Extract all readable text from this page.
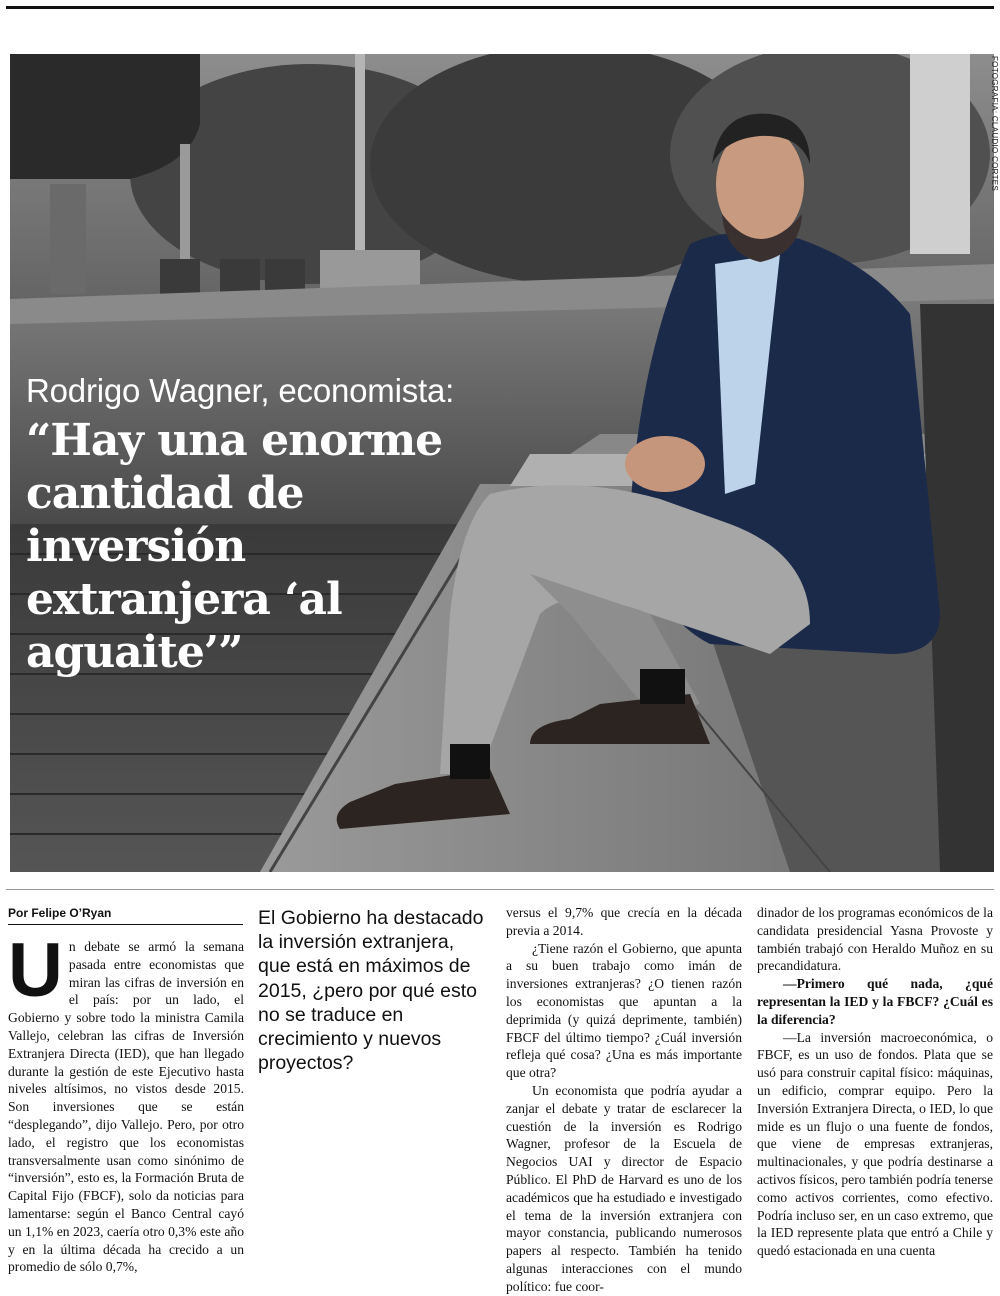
FOTOGRAFIA: CLAUDIO CORTES
Rodrigo Wagner, economista:
“Hay una enorme cantidad de inversión extranjera ‘al aguaite’”
Por Felipe O’Ryan
U n debate se armó la semana pasada entre economistas que miran las cifras de inversión en el país: por un lado, el Gobierno y sobre todo la ministra Camila Vallejo, celebran las cifras de Inversión Extranjera Directa (IED), que han llegado durante la gestión de este Ejecutivo hasta niveles altísimos, no vistos desde 2015. Son inversiones que se están “desplegando”, dijo Vallejo. Pero, por otro lado, el registro que los economistas transversalmente usan como sinónimo de “inversión”, esto es, la Formación Bruta de Capital Fijo (FBCF), solo da noticias para lamentarse: según el Banco Central cayó un 1,1% en 2023, caería otro 0,3% este año y en la última década ha crecido a un promedio de sólo 0,7%,

El Gobierno ha destacado la inversión extranjera, que está en máximos de 2015, ¿pero por qué esto no se traduce en crecimiento y nuevos proyectos?

versus el 9,7% que crecía en la década previa a 2014.

¿Tiene razón el Gobierno, que apunta a su buen trabajo como imán de inversiones extranjeras? ¿O tienen razón los economistas que apuntan a la deprimida (y quizá deprimente, también) FBCF del último tiempo? ¿Cuál inversión refleja qué cosa? ¿Una es más importante que otra?

Un economista que podría ayudar a zanjar el debate y tratar de esclarecer la cuestión de la inversión es Rodrigo Wagner, profesor de la Escuela de Negocios UAI y director de Espacio Público. El PhD de Harvard es uno de los académicos que ha estudiado e investigado el tema de la inversión extranjera con mayor constancia, publicando numerosos papers al respecto. También ha tenido algunas interacciones con el mundo político: fue coor-

dinador de los programas económicos de la candidata presidencial Yasna Provoste y también trabajó con Heraldo Muñoz en su precandidatura.

—Primero qué nada, ¿qué representan la IED y la FBCF? ¿Cuál es la diferencia?

—La inversión macroeconómica, o FBCF, es un uso de fondos. Plata que se usó para construir capital físico: máquinas, un edificio, comprar equipo. Pero la Inversión Extranjera Directa, o IED, lo que mide es un flujo o una fuente de fondos, que viene de empresas extranjeras, multinacionales, y que podría destinarse a activos físicos, pero también podría tenerse como activos corrientes, como efectivo. Podría incluso ser, en un caso extremo, que la IED represente plata que entró a Chile y quedó estacionada en una cuenta
